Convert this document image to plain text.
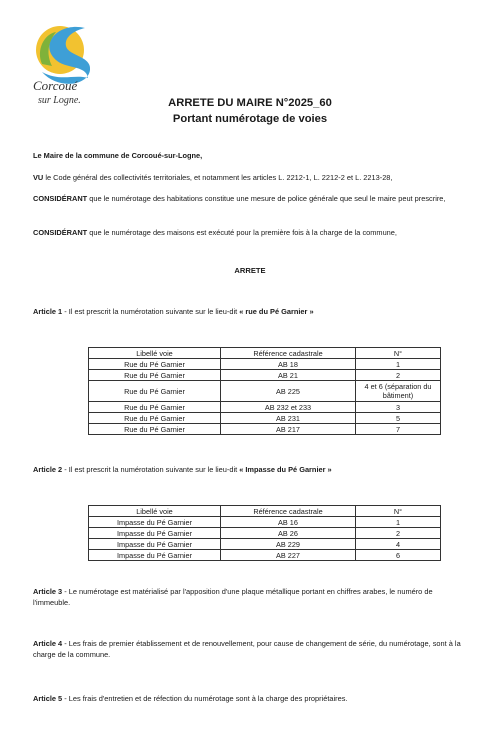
Corcoué
sur Logne.	ARRETE DU MAIRE N°2025_60
Portant numérotage de voies
Le Maire de la commune de Corcoué-sur-Logne,
VU le Code général des collectivités territoriales, et notamment les articles L. 2212-1, L. 2212-2 et L. 2213-28,
CONSIDÉRANT que le numérotage des habitations constitue une mesure de police générale que seul le maire peut prescrire,
CONSIDÉRANT que le numérotage des maisons est exécuté pour la première fois à la charge de la commune,
ARRETE
Article 1 - Il est prescrit la numérotation suivante sur le lieu-dit « rue du Pé Garnier »
Libellé voie	Référence cadastrale	N°
Rue du Pé Garnier	AB 18	1
Rue du Pé Garnier	AB 21	2
Rue du Pé Garnier	AB 225	4 et 6 (séparation du bâtiment)
Rue du Pé Garnier	AB 232 et 233	3
Rue du Pé Garnier	AB 231	5
Rue du Pé Garnier	AB 217	7
Article 2 - Il est prescrit la numérotation suivante sur le lieu-dit « Impasse du Pé Garnier »
Libellé voie	Référence cadastrale	N°
Impasse du Pé Garnier	AB 16	1
Impasse du Pé Garnier	AB 26	2
Impasse du Pé Garnier	AB 229	4
Impasse du Pé Garnier	AB 227	6
Article 3 - Le numérotage est matérialisé par l'apposition d'une plaque métallique portant en chiffres arabes, le numéro de l'immeuble.
Article 4 - Les frais de premier établissement et de renouvellement, pour cause de changement de série, du numérotage, sont à la charge de la commune.
Article 5 - Les frais d'entretien et de réfection du numérotage sont à la charge des propriétaires.
